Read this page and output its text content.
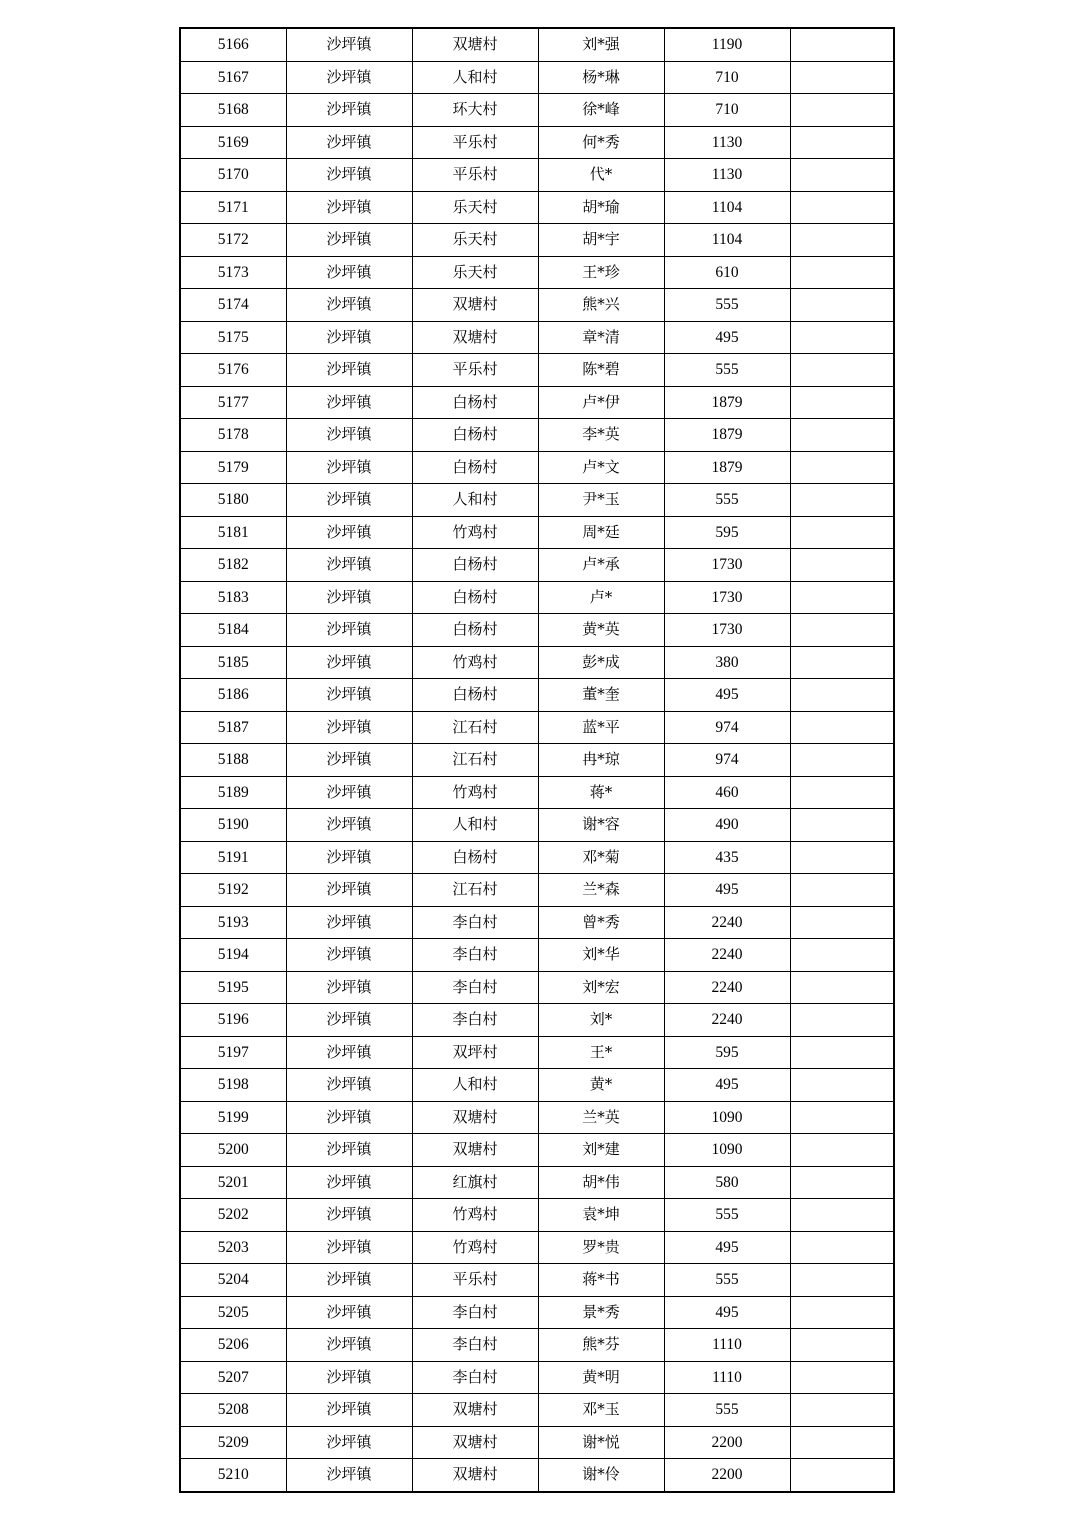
5166	沙坪镇	双塘村	刘*强	1190	
5167	沙坪镇	人和村	杨*琳	710	
5168	沙坪镇	环大村	徐*峰	710	
5169	沙坪镇	平乐村	何*秀	1130	
5170	沙坪镇	平乐村	代*	1130	
5171	沙坪镇	乐天村	胡*瑜	1104	
5172	沙坪镇	乐天村	胡*宇	1104	
5173	沙坪镇	乐天村	王*珍	610	
5174	沙坪镇	双塘村	熊*兴	555	
5175	沙坪镇	双塘村	章*清	495	
5176	沙坪镇	平乐村	陈*碧	555	
5177	沙坪镇	白杨村	卢*伊	1879	
5178	沙坪镇	白杨村	李*英	1879	
5179	沙坪镇	白杨村	卢*文	1879	
5180	沙坪镇	人和村	尹*玉	555	
5181	沙坪镇	竹鸡村	周*廷	595	
5182	沙坪镇	白杨村	卢*承	1730	
5183	沙坪镇	白杨村	卢*	1730	
5184	沙坪镇	白杨村	黄*英	1730	
5185	沙坪镇	竹鸡村	彭*成	380	
5186	沙坪镇	白杨村	董*奎	495	
5187	沙坪镇	江石村	蓝*平	974	
5188	沙坪镇	江石村	冉*琼	974	
5189	沙坪镇	竹鸡村	蒋*	460	
5190	沙坪镇	人和村	谢*容	490	
5191	沙坪镇	白杨村	邓*菊	435	
5192	沙坪镇	江石村	兰*森	495	
5193	沙坪镇	李白村	曾*秀	2240	
5194	沙坪镇	李白村	刘*华	2240	
5195	沙坪镇	李白村	刘*宏	2240	
5196	沙坪镇	李白村	刘*	2240	
5197	沙坪镇	双坪村	王*	595	
5198	沙坪镇	人和村	黄*	495	
5199	沙坪镇	双塘村	兰*英	1090	
5200	沙坪镇	双塘村	刘*建	1090	
5201	沙坪镇	红旗村	胡*伟	580	
5202	沙坪镇	竹鸡村	袁*坤	555	
5203	沙坪镇	竹鸡村	罗*贵	495	
5204	沙坪镇	平乐村	蒋*书	555	
5205	沙坪镇	李白村	景*秀	495	
5206	沙坪镇	李白村	熊*芬	1110	
5207	沙坪镇	李白村	黄*明	1110	
5208	沙坪镇	双塘村	邓*玉	555	
5209	沙坪镇	双塘村	谢*悦	2200	
5210	沙坪镇	双塘村	谢*伶	2200	
